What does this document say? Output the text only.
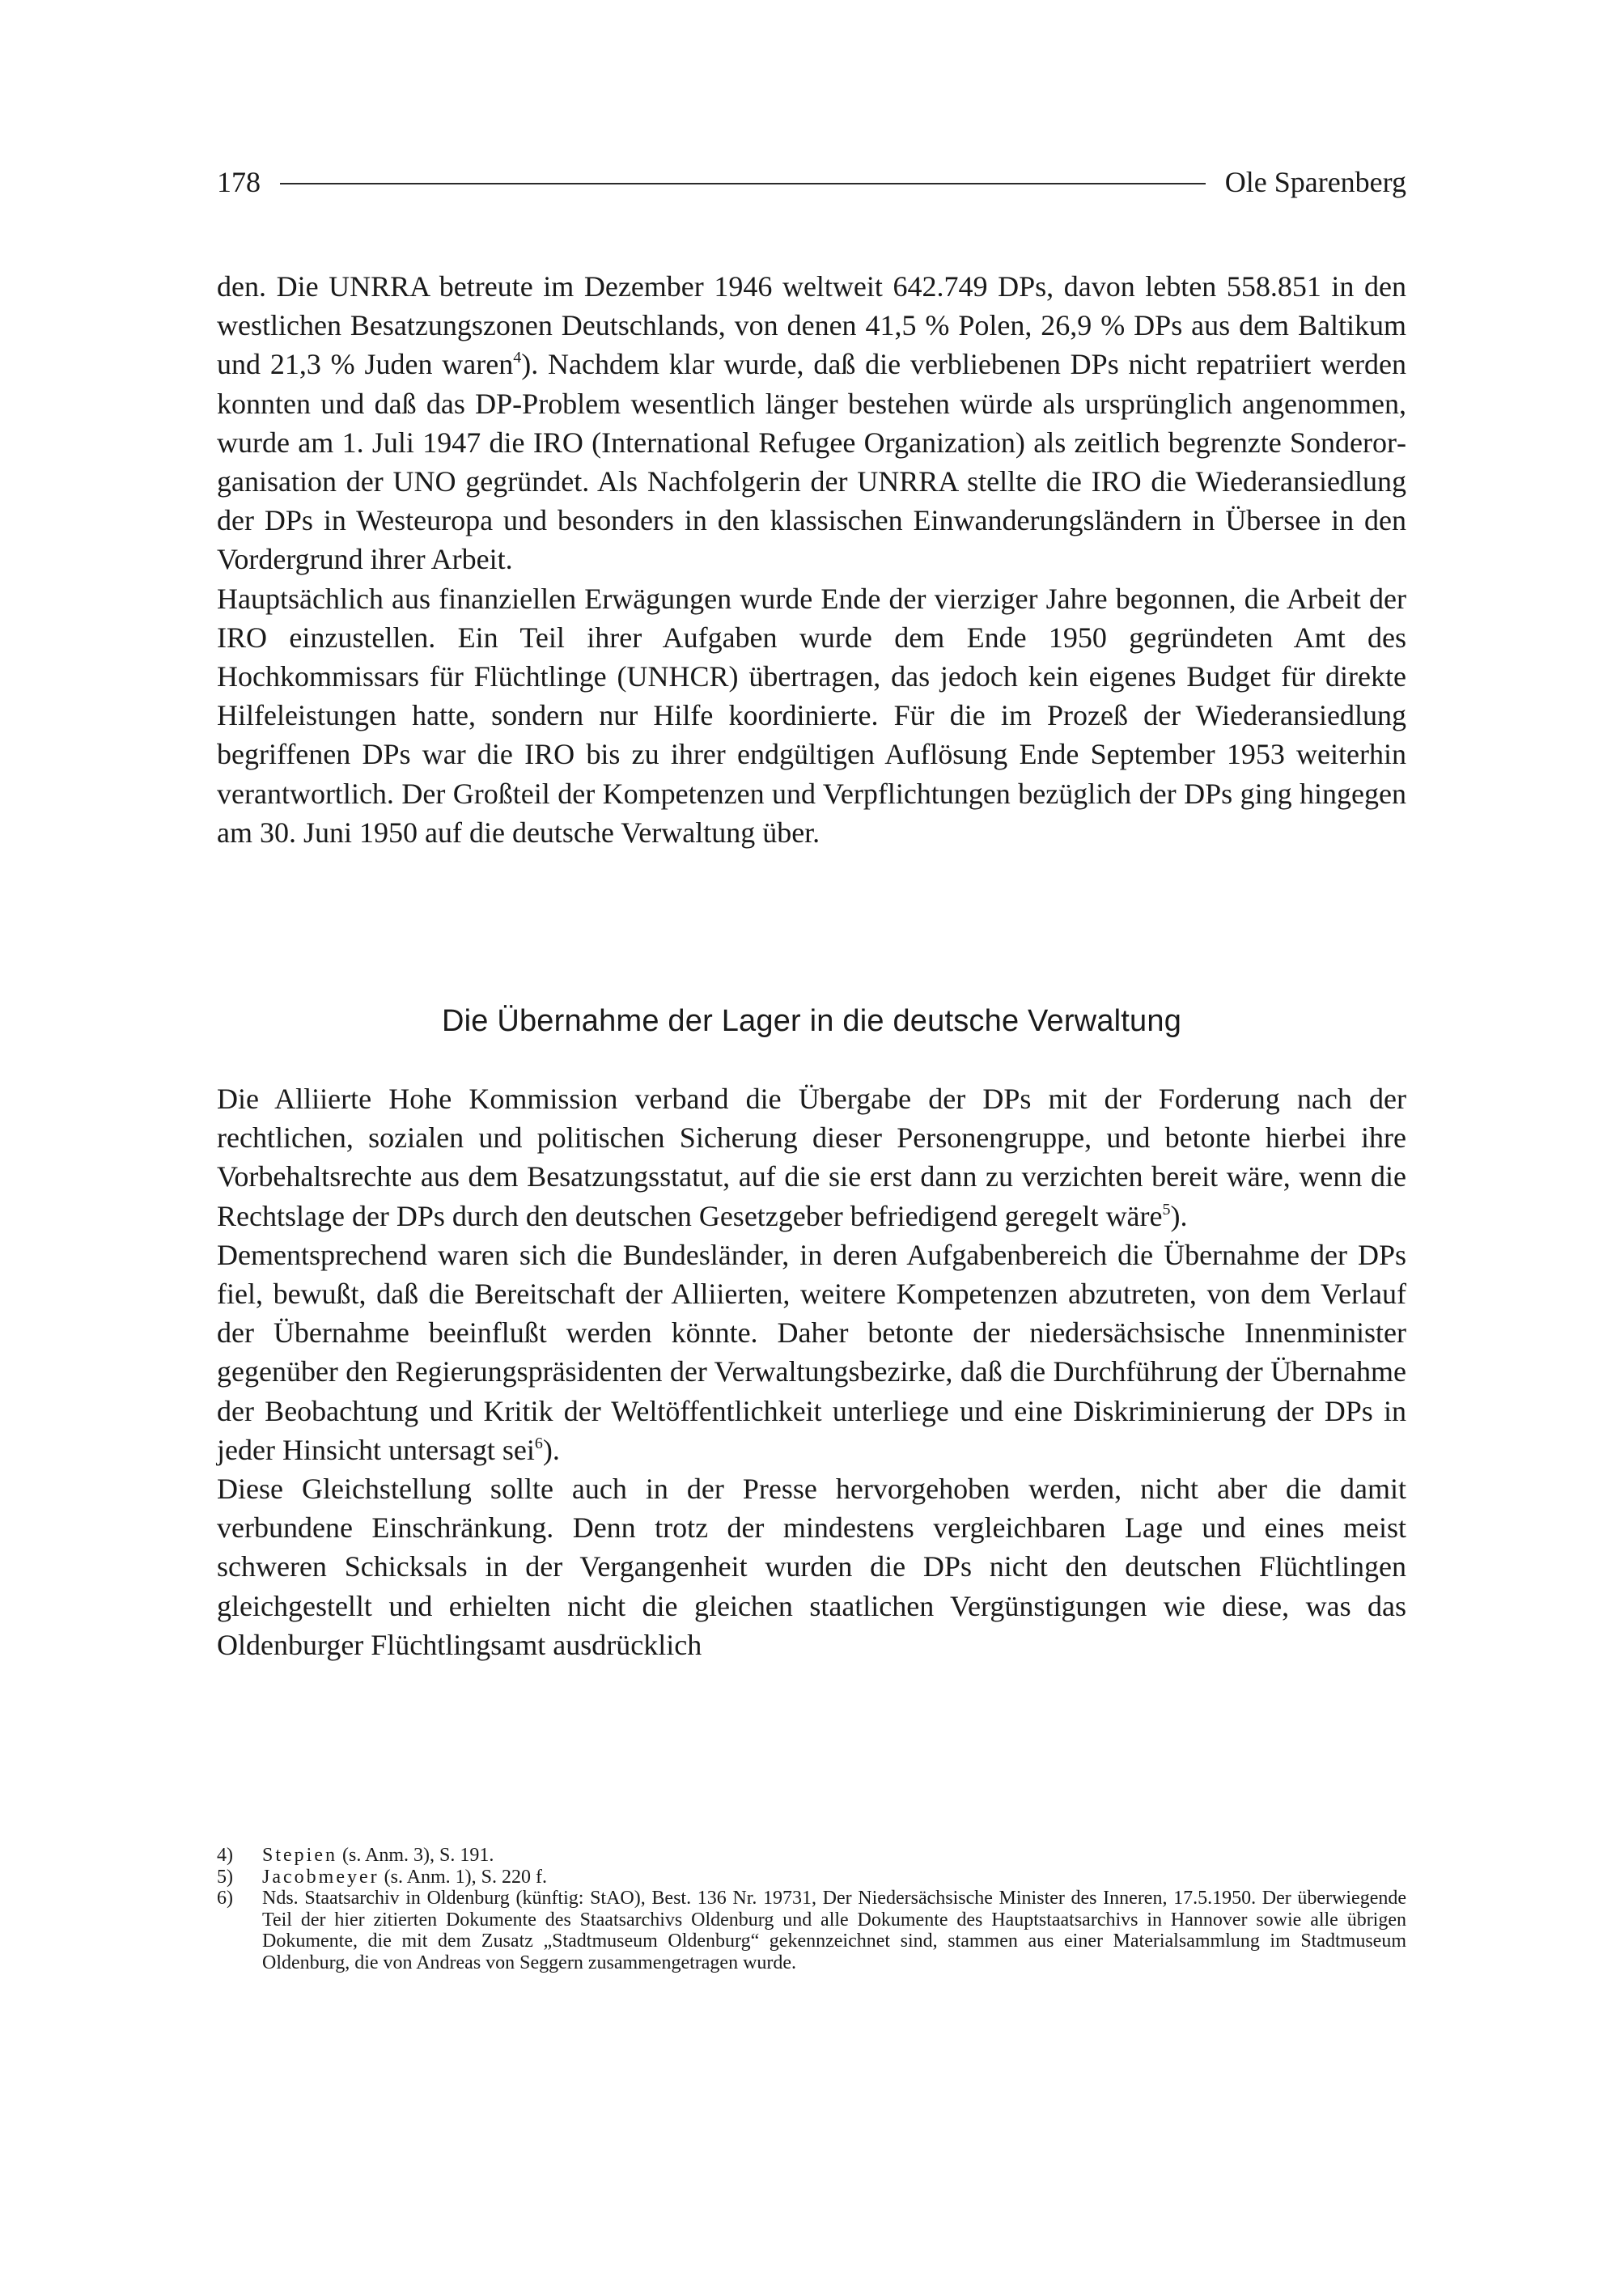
178	Ole Sparenberg

den. Die UNRRA betreute im Dezember 1946 weltweit 642.749 DPs, davon lebten 558.851 in den westlichen Besatzungszonen Deutschlands, von denen 41,5 % Polen, 26,9 % DPs aus dem Baltikum und 21,3 % Juden waren$^4$). Nachdem klar wurde, daß die verbliebenen DPs nicht repatriiert werden konnten und daß das DP-Problem wesentlich länger bestehen würde als ursprünglich angenommen, wurde am 1. Juli 1947 die IRO (International Refugee Organization) als zeitlich begrenzte Sonderorganisation der UNO gegründet. Als Nachfolgerin der UNRRA stellte die IRO die Wiederansiedlung der DPs in Westeuropa und besonders in den klassischen Einwanderungsländern in Übersee in den Vordergrund ihrer Arbeit.

Hauptsächlich aus finanziellen Erwägungen wurde Ende der vierziger Jahre begonnen, die Arbeit der IRO einzustellen. Ein Teil ihrer Aufgaben wurde dem Ende 1950 gegründeten Amt des Hochkommissars für Flüchtlinge (UNHCR) übertragen, das jedoch kein eigenes Budget für direkte Hilfeleistungen hatte, sondern nur Hilfe koordinierte. Für die im Prozeß der Wiederansiedlung begriffenen DPs war die IRO bis zu ihrer endgültigen Auflösung Ende September 1953 weiterhin verantwortlich. Der Großteil der Kompetenzen und Verpflichtungen bezüglich der DPs ging hingegen am 30. Juni 1950 auf die deutsche Verwaltung über.

Die Übernahme der Lager in die deutsche Verwaltung

Die Alliierte Hohe Kommission verband die Übergabe der DPs mit der Forderung nach der rechtlichen, sozialen und politischen Sicherung dieser Personengruppe, und betonte hierbei ihre Vorbehaltsrechte aus dem Besatzungsstatut, auf die sie erst dann zu verzichten bereit wäre, wenn die Rechtslage der DPs durch den deutschen Gesetzgeber befriedigend geregelt wäre$^5$).

Dementsprechend waren sich die Bundesländer, in deren Aufgabenbereich die Übernahme der DPs fiel, bewußt, daß die Bereitschaft der Alliierten, weitere Kompetenzen abzutreten, von dem Verlauf der Übernahme beeinflußt werden könnte. Daher betonte der niedersächsische Innenminister gegenüber den Regierungspräsidenten der Verwaltungsbezirke, daß die Durchführung der Übernahme der Beobachtung und Kritik der Weltöffentlichkeit unterliege und eine Diskriminierung der DPs in jeder Hinsicht untersagt sei$^6$).

Diese Gleichstellung sollte auch in der Presse hervorgehoben werden, nicht aber die damit verbundene Einschränkung. Denn trotz der mindestens vergleichbaren Lage und eines meist schweren Schicksals in der Vergangenheit wurden die DPs nicht den deutschen Flüchtlingen gleichgestellt und erhielten nicht die gleichen staatlichen Vergünstigungen wie diese, was das Oldenburger Flüchtlingsamt ausdrücklich

4)	Stepien (s. Anm. 3), S. 191.

5)	Jacobmeyer (s. Anm. 1), S. 220 f.

6)	Nds. Staatsarchiv in Oldenburg (künftig: StAO), Best. 136 Nr. 19731, Der Niedersächsische Minister des Inneren, 17.5.1950. Der überwiegende Teil der hier zitierten Dokumente des Staatsarchivs Oldenburg und alle Dokumente des Hauptstaatsarchivs in Hannover sowie alle übrigen Dokumente, die mit dem Zusatz „Stadtmuseum Oldenburg“ gekennzeichnet sind, stammen aus einer Materialsammlung im Stadtmuseum Oldenburg, die von Andreas von Seggern zusammengetragen wurde.
